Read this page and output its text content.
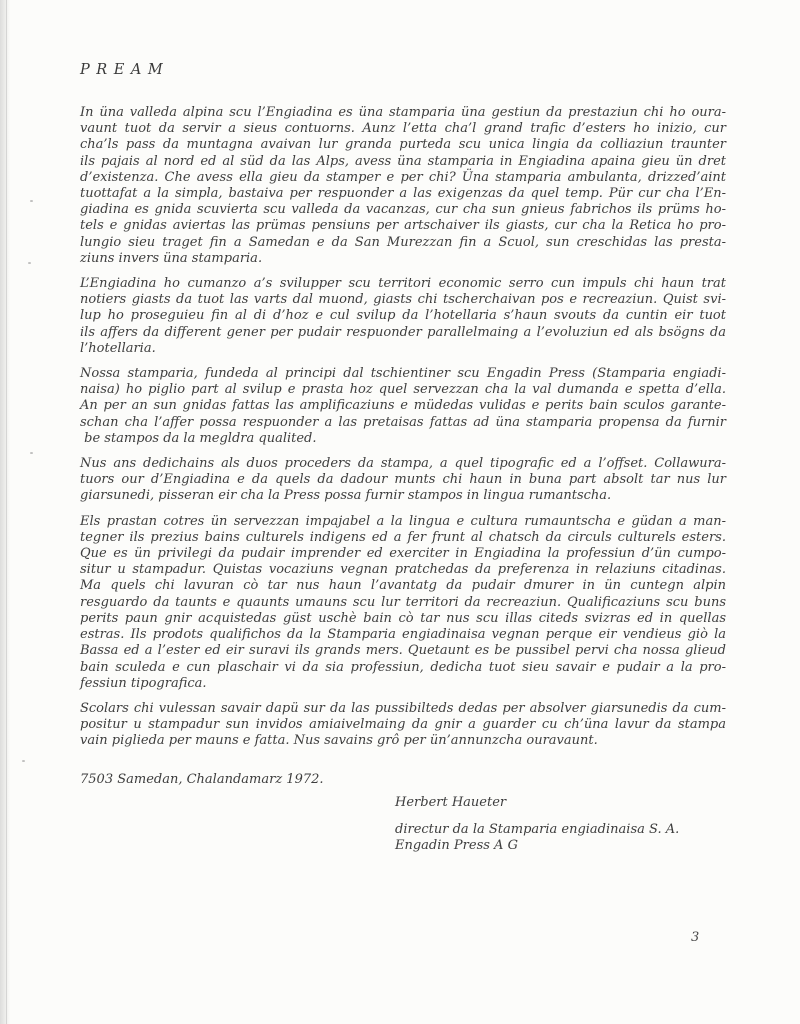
PREAM
In üna valleda alpina scu l’Engiadina es üna stamparia üna gestiun da prestaziun chi ho oura-
vaunt tuot da servir a sieus contuorns. Aunz l’etta cha’l grand trafic d’esters ho inizio, cur
cha’ls pass da muntagna avaivan lur granda purteda scu unica lingia da colliaziun traunter
ils pajais al nord ed al süd da las Alps, avess üna stamparia in Engiadina apaina gieu ün dret
d’existenza. Che avess ella gieu da stamper e per chi? Üna stamparia ambulanta, drizzed’aint
tuottafat a la simpla, bastaiva per respuonder a las exigenzas da quel temp. Pür cur cha l’En-
giadina es gnida scuvierta scu valleda da vacanzas, cur cha sun gnieus fabrichos ils prüms ho-
tels e gnidas aviertas las prümas pensiuns per artschaiver ils giasts, cur cha la Retica ho pro-
lungio sieu traget fin a Samedan e da San Murezzan fin a Scuol, sun creschidas las presta-
ziuns invers üna stamparia.
L’Engiadina ho cumanzo a’s svilupper scu territori economic serro cun impuls chi haun trat
notiers giasts da tuot las varts dal muond, giasts chi tscherchaivan pos e recreaziun. Quist svi-
lup ho proseguieu fin al di d’hoz e cul svilup da l’hotellaria s’haun svouts da cuntin eir tuot
ils affers da different gener per pudair respuonder parallelmaing a l’evoluziun ed als bsögns da
l’hotellaria.
Nossa stamparia, fundeda al principi dal tschientiner scu Engadin Press (Stamparia engiadi-
naisa) ho piglio part al svilup e prasta hoz quel servezzan cha la val dumanda e spetta d’ella.
An per an sun gnidas fattas las amplificaziuns e müdedas vulidas e perits bain sculos garante-
schan cha l’affer possa respuonder a las pretaisas fattas ad üna stamparia propensa da furnir
be stampos da la megldra qualited.
Nus ans dedichains als duos proceders da stampa, a quel tipografic ed a l’offset. Collawura-
tuors our d’Engiadina e da quels da dadour munts chi haun in buna part absolt tar nus lur
giarsunedi, pisseran eir cha la Press possa furnir stampos in lingua rumantscha.
Els prastan cotres ün servezzan impajabel a la lingua e cultura rumauntscha e güdan a man-
tegner ils prezius bains culturels indigens ed a fer frunt al chatsch da circuls culturels esters.
Que es ün privilegi da pudair imprender ed exerciter in Engiadina la professiun d’ün cumpo-
situr u stampadur. Quistas vocaziuns vegnan pratchedas da preferenza in relaziuns citadinas.
Ma quels chi lavuran cò tar nus haun l’avantatg da pudair dmurer in ün cuntegn alpin
resguardo da taunts e quaunts umauns scu lur territori da recreaziun. Qualificaziuns scu buns
perits paun gnir acquistedas güst uschè bain cò tar nus scu illas citeds svizras ed in quellas
estras. Ils prodots qualifichos da la Stamparia engiadinaisa vegnan perque eir vendieus giò la
Bassa ed a l’ester ed eir suravi ils grands mers. Quetaunt es be pussibel pervi cha nossa glieud
bain sculeda e cun plaschair vi da sia professiun, dedicha tuot sieu savair e pudair a la pro-
fessiun tipografica.
Scolars chi vulessan savair dapü sur da las pussibilteds dedas per absolver giarsunedis da cum-
positur u stampadur sun invidos amiaivelmaing da gnir a guarder cu ch’üna lavur da stampa
vain piglieda per mauns e fatta. Nus savains grô per ün’annunzcha ouravaunt.
7503 Samedan, Chalandamarz 1972.
Herbert Haueter
directur da la Stamparia engiadinaisa S. A.
Engadin Press A G
3
